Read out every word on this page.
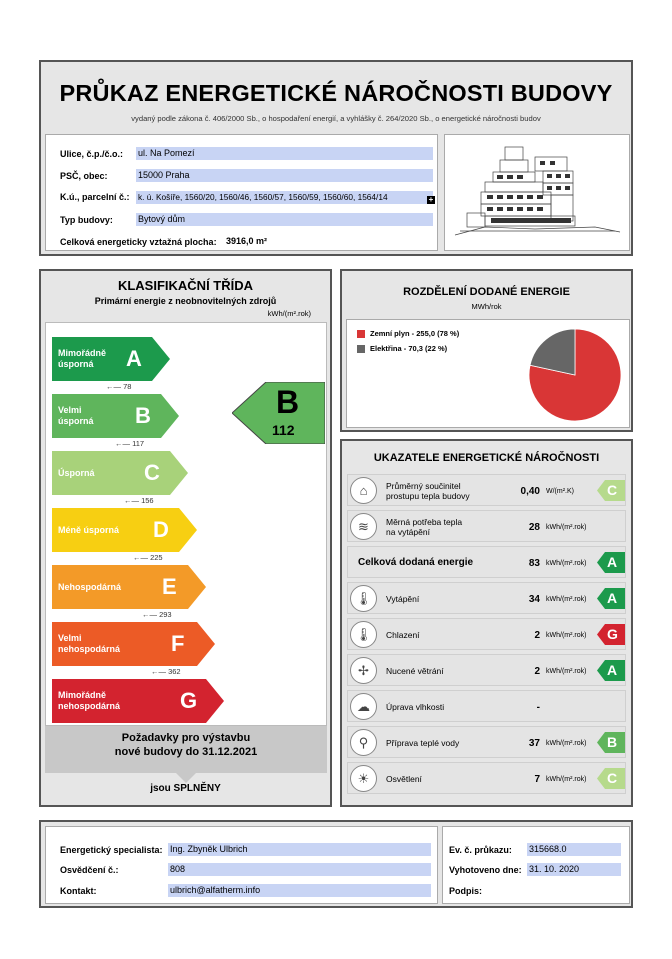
PRŮKAZ ENERGETICKÉ NÁROČNOSTI BUDOVY
vydaný podle zákona č. 406/2000 Sb., o hospodaření energií, a vyhlášky č. 264/2020 Sb., o energetické náročnosti budov
Ulice, č.p./č.o.: ul. Na Pomezí
PSČ, obec:	15000 Praha
K.ú., parcelní č.: k. ú. Košíře, 1560/20, 1560/46, 1560/57, 1560/59, 1560/60, 1564/14	+
Typ budovy:	Bytový dům
Celková energeticky vztažná plocha: 3916,0 m²
KLASIFIKAČNÍ TŘÍDA
Primární energie z neobnovitelných zdrojů
kWh/(m².rok)
Mimořádně
úsporná	A
←— 78
Velmi
úsporná B
←— 117
Úsporná C
←— 156
Méně úsporná D
←— 225
Nehospodárná E
←— 293
Velmi
nehospodárná F
←— 362
Mimořádně
nehospodárná	G
B
112
Požadavky pro výstavbu
nové budovy do 31.12.2021
jsou SPLNĚNY
ROZDĚLENÍ DODANÉ ENERGIE
MWh/rok
Zemní plyn - 255,0 (78 %)
Elektřina - 70,3 (22 %)
UKAZATELE ENERGETICKÉ NÁROČNOSTI
⌂	Průměrný součinitel
prostupu tepla budovy	0,40 W/(m².K) C
≋	Měrná potřeba tepla
na vytápění	28 kWh/(m².rok)
Celková dodaná energie	83 kWh/(m².rok) A
🌡	Vytápění	34 kWh/(m².rok) A
🌡	Chlazení	2 kWh/(m².rok) G
✢	Nucené větrání	2 kWh/(m².rok) A
☁	Úprava vlhkosti	-
⚲	Příprava teplé vody	37 kWh/(m².rok) B
☀	Osvětlení	7 kWh/(m².rok) C
Energetický specialista: Ing. Zbyněk Ulbrich
Osvědčení č.:	808
Kontakt:	ulbrich@alfatherm.info
Ev. č. průkazu: 315668.0
Vyhotoveno dne: 31. 10. 2020
Podpis:
